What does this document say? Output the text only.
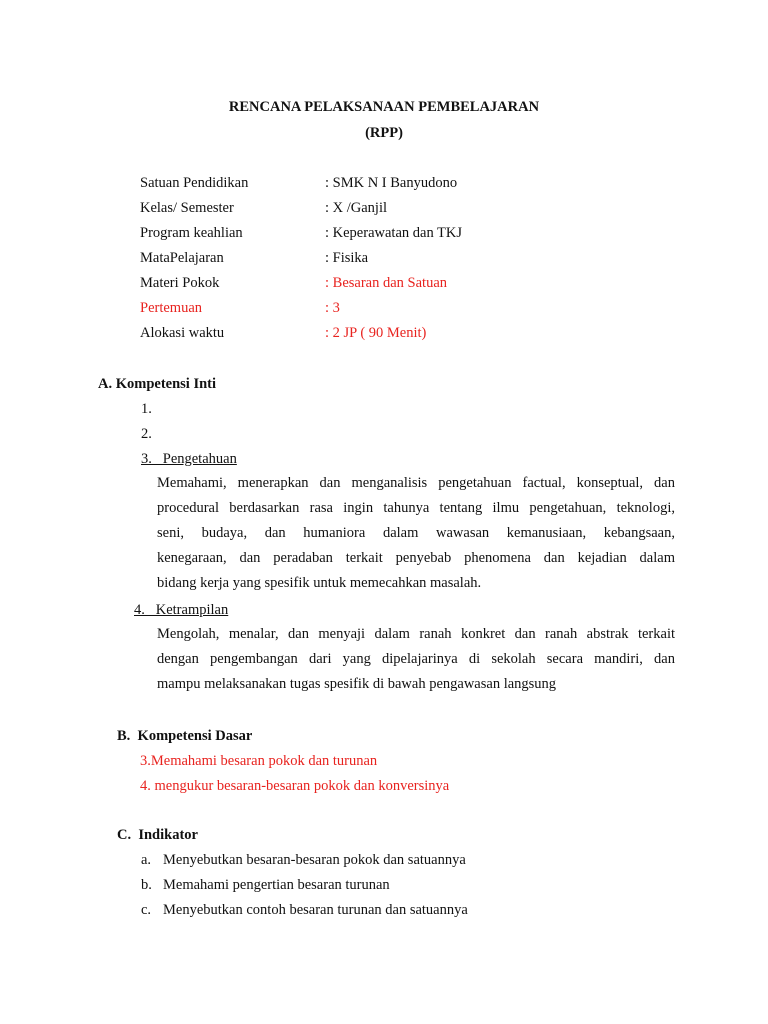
RENCANA PELAKSANAAN PEMBELAJARAN
(RPP)
Satuan Pendidikan	: SMK N I Banyudono
Kelas/ Semester	: X /Ganjil
Program keahlian	: Keperawatan dan TKJ
MataPelajaran	: Fisika
Materi Pokok	: Besaran dan Satuan
Pertemuan	: 3
Alokasi waktu	: 2 JP ( 90 Menit)
A. Kompetensi Inti
1.
2.
3.   Pengetahuan
Memahami, menerapkan dan menganalisis pengetahuan factual, konseptual, dan
procedural berdasarkan rasa ingin tahunya tentang ilmu pengetahuan, teknologi,
seni, budaya, dan humaniora dalam wawasan kemanusiaan, kebangsaan,
kenegaraan, dan peradaban terkait penyebab phenomena dan kejadian dalam
bidang kerja yang spesifik untuk memecahkan masalah.
4.   Ketrampilan
Mengolah, menalar, dan menyaji dalam ranah konkret dan ranah abstrak terkait
dengan pengembangan dari yang dipelajarinya di sekolah secara mandiri, dan
mampu melaksanakan tugas spesifik di bawah pengawasan langsung
B.  Kompetensi Dasar
3.Memahami besaran pokok dan turunan
4. mengukur besaran-besaran pokok dan konversinya
C.  Indikator
a. Menyebutkan besaran-besaran pokok dan satuannya
b. Memahami pengertian besaran turunan
c. Menyebutkan contoh besaran turunan dan satuannya
